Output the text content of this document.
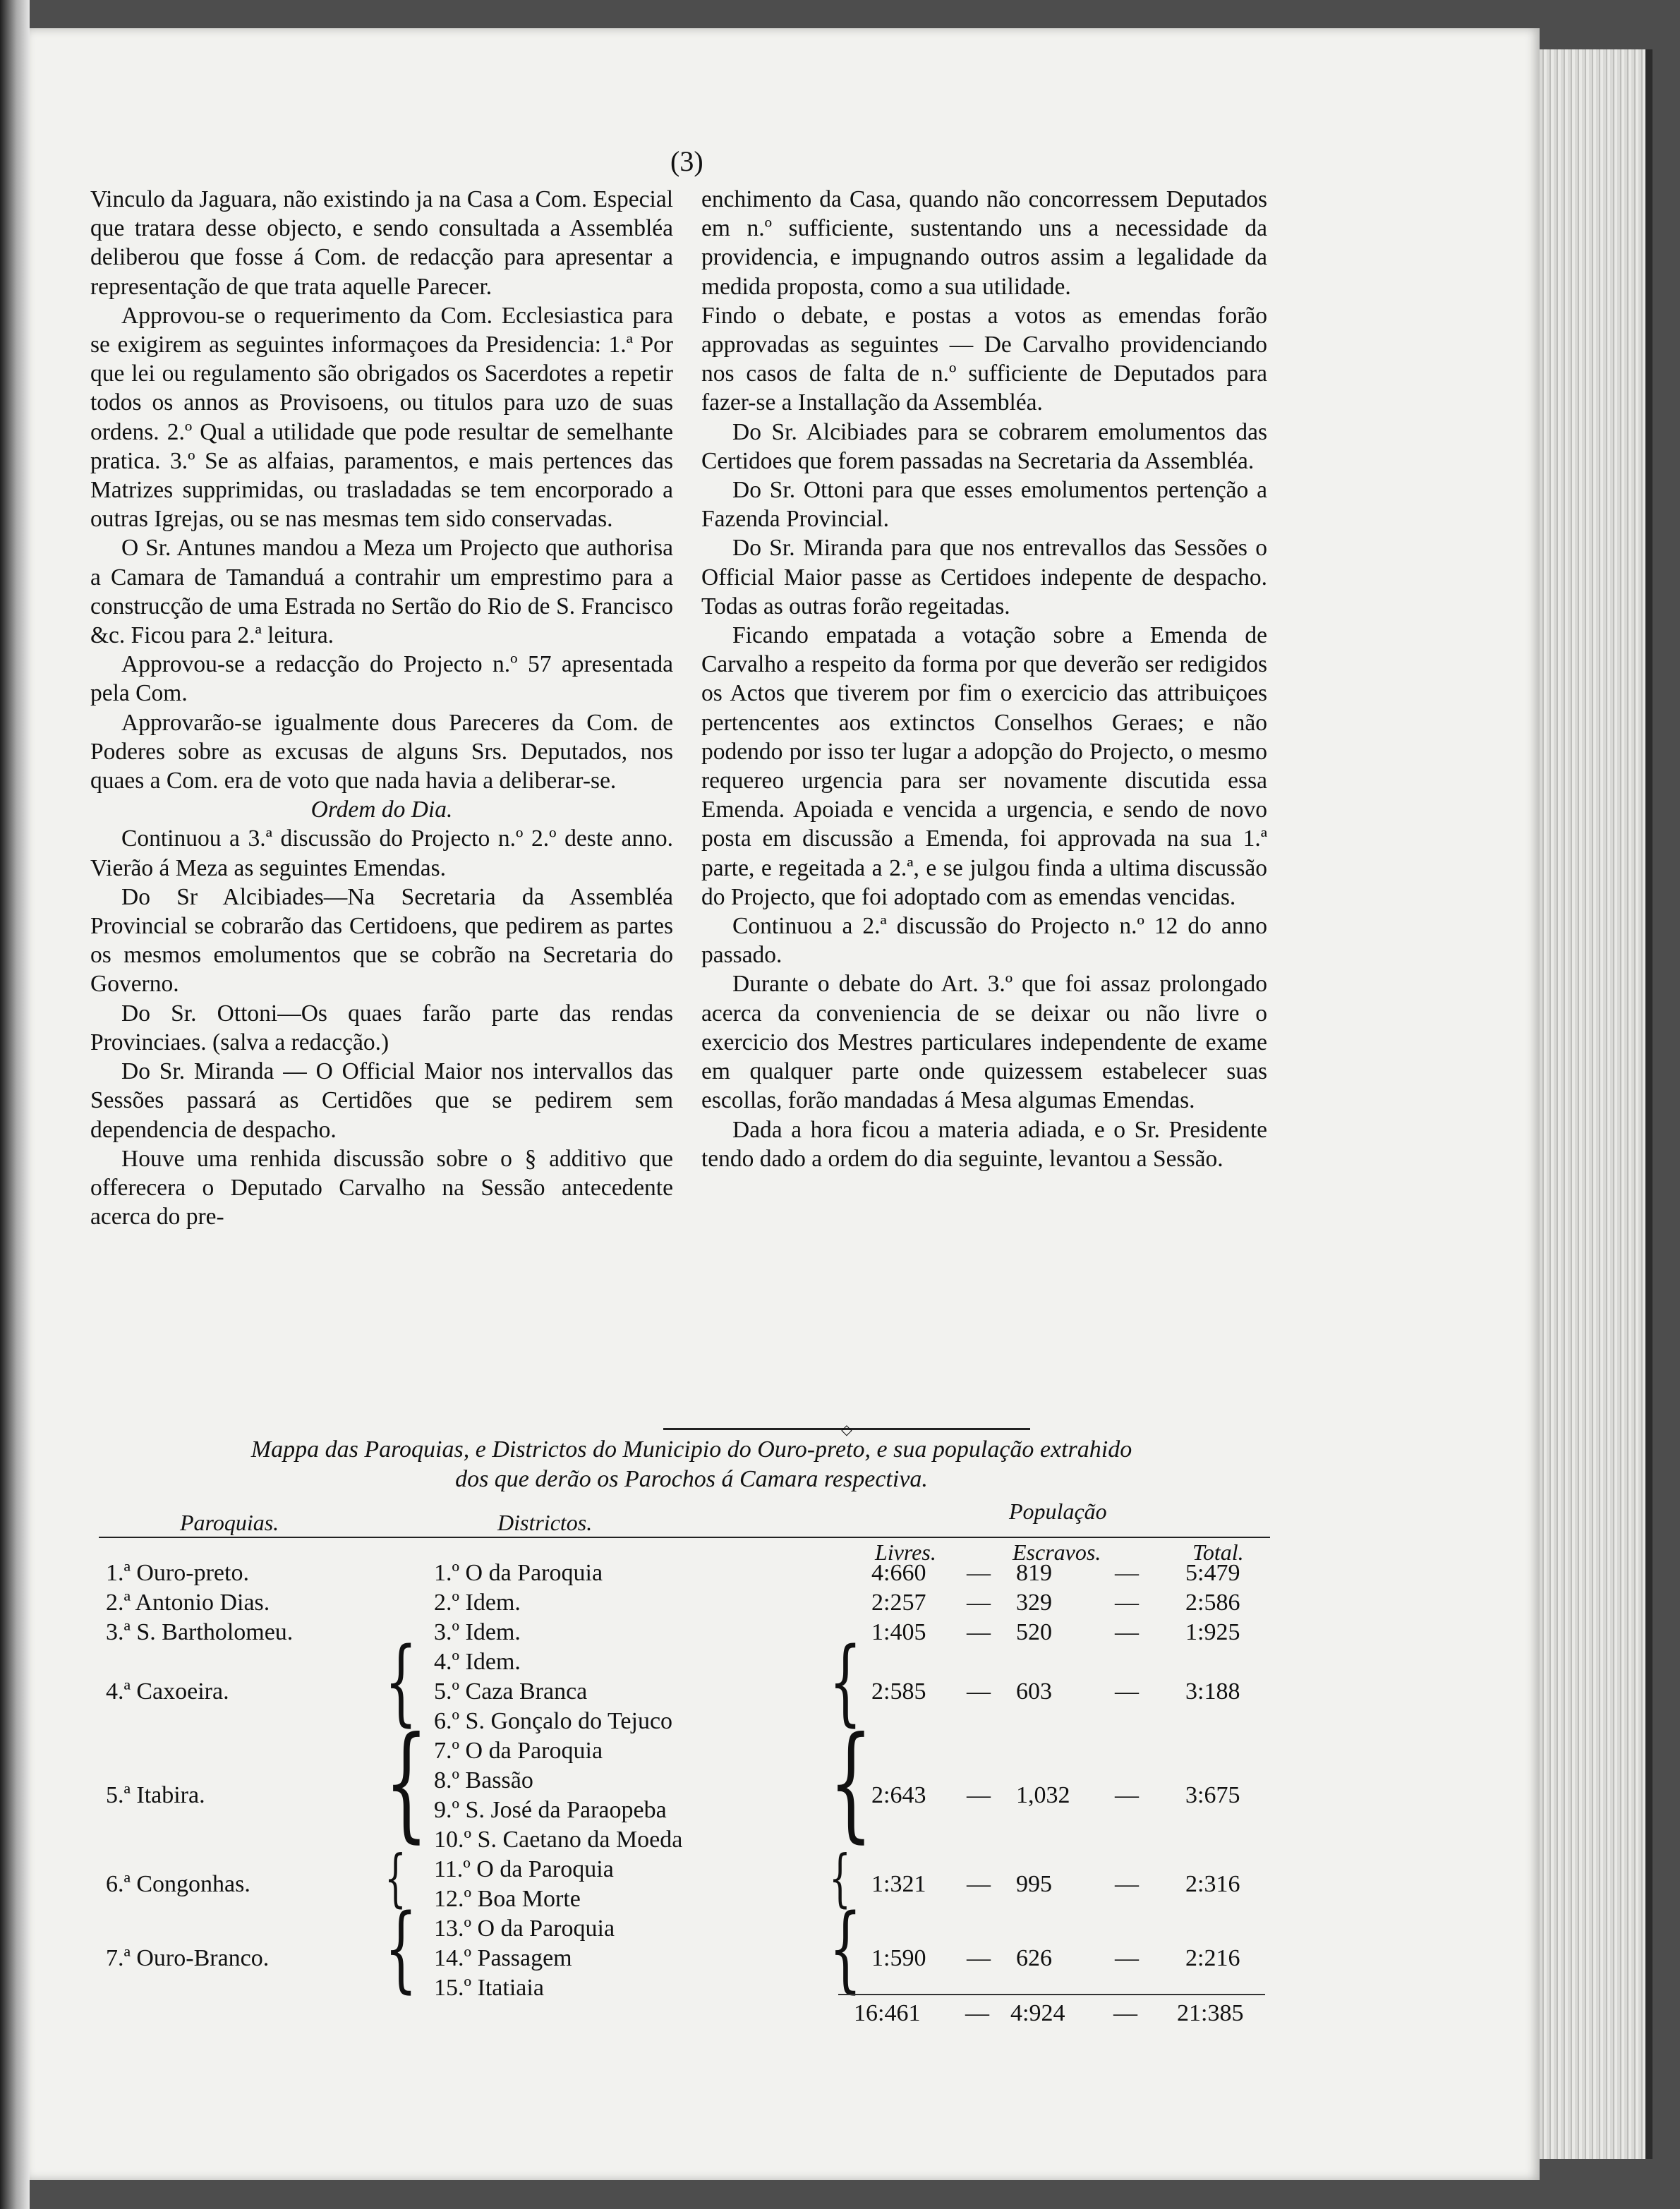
(3)

Vinculo da Jaguara, não existindo ja na Casa a Com. Especial que tratara desse objecto, e sendo consultada a Assembléa deliberou que fosse á Com. de redacção para apresentar a representação de que trata aquelle Parecer.

Approvou-se o requerimento da Com. Ecclesiastica para se exigirem as seguintes informaçoes da Presidencia: 1.ª Por que lei ou regulamento são obrigados os Sacerdotes a repetir todos os annos as Provisoens, ou titulos para uzo de suas ordens. 2.º Qual a utilidade que pode resultar de semelhante pratica. 3.º Se as alfaias, paramentos, e mais pertences das Matrizes supprimidas, ou trasladadas se tem encorporado a outras Igrejas, ou se nas mesmas tem sido conservadas.

O Sr. Antunes mandou a Meza um Projecto que authorisa a Camara de Tamanduá a contrahir um emprestimo para a construcção de uma Estrada no Sertão do Rio de S. Francisco &c. Ficou para 2.ª leitura.

Approvou-se a redacção do Projecto n.º 57 apresentada pela Com.

Approvarão-se igualmente dous Pareceres da Com. de Poderes sobre as excusas de alguns Srs. Deputados, nos quaes a Com. era de voto que nada havia a deliberar-se.

Ordem do Dia.

Continuou a 3.ª discussão do Projecto n.º 2.º deste anno. Vierão á Meza as seguintes Emendas.

Do Sr Alcibiades—Na Secretaria da Assembléa Provincial se cobrarão das Certidoens, que pedirem as partes os mesmos emolumentos que se cobrão na Secretaria do Governo.

Do Sr. Ottoni—Os quaes farão parte das rendas Provinciaes. (salva a redacção.)

Do Sr. Miranda — O Official Maior nos intervallos das Sessões passará as Certidões que se pedirem sem dependencia de despacho.

Houve uma renhida discussão sobre o § additivo que offerecera o Deputado Carvalho na Sessão antecedente acerca do pre-

enchimento da Casa, quando não concorressem Deputados em n.º sufficiente, sustentando uns a necessidade da providencia, e impugnando outros assim a legalidade da medida proposta, como a sua utilidade.

Findo o debate, e postas a votos as emendas forão approvadas as seguintes — De Carvalho providenciando nos casos de falta de n.º sufficiente de Deputados para fazer-se a Installação da Assembléa.

Do Sr. Alcibiades para se cobrarem emolumentos das Certidoes que forem passadas na Secretaria da Assembléa.

Do Sr. Ottoni para que esses emolumentos pertenção a Fazenda Provincial.

Do Sr. Miranda para que nos entrevallos das Sessões o Official Maior passe as Certidoes indepente de despacho. Todas as outras forão regeitadas.

Ficando empatada a votação sobre a Emenda de Carvalho a respeito da forma por que deverão ser redigidos os Actos que tiverem por fim o exercicio das attribuiçoes pertencentes aos extinctos Conselhos Geraes; e não podendo por isso ter lugar a adopção do Projecto, o mesmo requereo urgencia para ser novamente discutida essa Emenda. Apoiada e vencida a urgencia, e sendo de novo posta em discussão a Emenda, foi approvada na sua 1.ª parte, e regeitada a 2.ª, e se julgou finda a ultima discussão do Projecto, que foi adoptado com as emendas vencidas.

Continuou a 2.ª discussão do Projecto n.º 12 do anno passado.

Durante o debate do Art. 3.º que foi assaz prolongado acerca da conveniencia de se deixar ou não livre o exercicio dos Mestres particulares independente de exame em qualquer parte onde quizessem estabelecer suas escollas, forão mandadas á Mesa algumas Emendas.

Dada a hora ficou a materia adiada, e o Sr. Presidente tendo dado a ordem do dia seguinte, levantou a Sessão.

◇
Mappa das Paroquias, e Districtos do Municipio do Ouro-preto, e sua população extrahido
dos que derão os Parochos á Camara respectiva.
Paroquias.	Districtos.	População
Livres.	Escravos.	Total.
1.ª Ouro-preto.	1.º O da Paroquia	4:660 — 819	— 5:479
2.ª Antonio Dias.	2.º Idem.	2:257 — 329	— 2:586
3.ª S. Bartholomeu.	3.º Idem.	1:405 — 520	— 1:925
4.ª Caxoeira.
4.º Idem.
5.º Caza Branca
6.º S. Gonçalo do Tejuco
{	{ 2:585 — 603	— 3:188
5.ª Itabira.
7.º O da Paroquia
8.º Bassão
9.º S. José da Paraopeba
10.º S. Caetano da Moeda
{	{
2:643 — 1,032 — 3:675
6.ª Congonhas.
11.º O da Paroquia
12.º Boa Morte
{	{ 1:321 — 995	— 2:316
7.ª Ouro-Branco.
13.º O da Paroquia
14.º Passagem
15.º Itatiaia
{	{ 1:590 — 626	— 2:216
16:461 — 4:924 — 21:385
